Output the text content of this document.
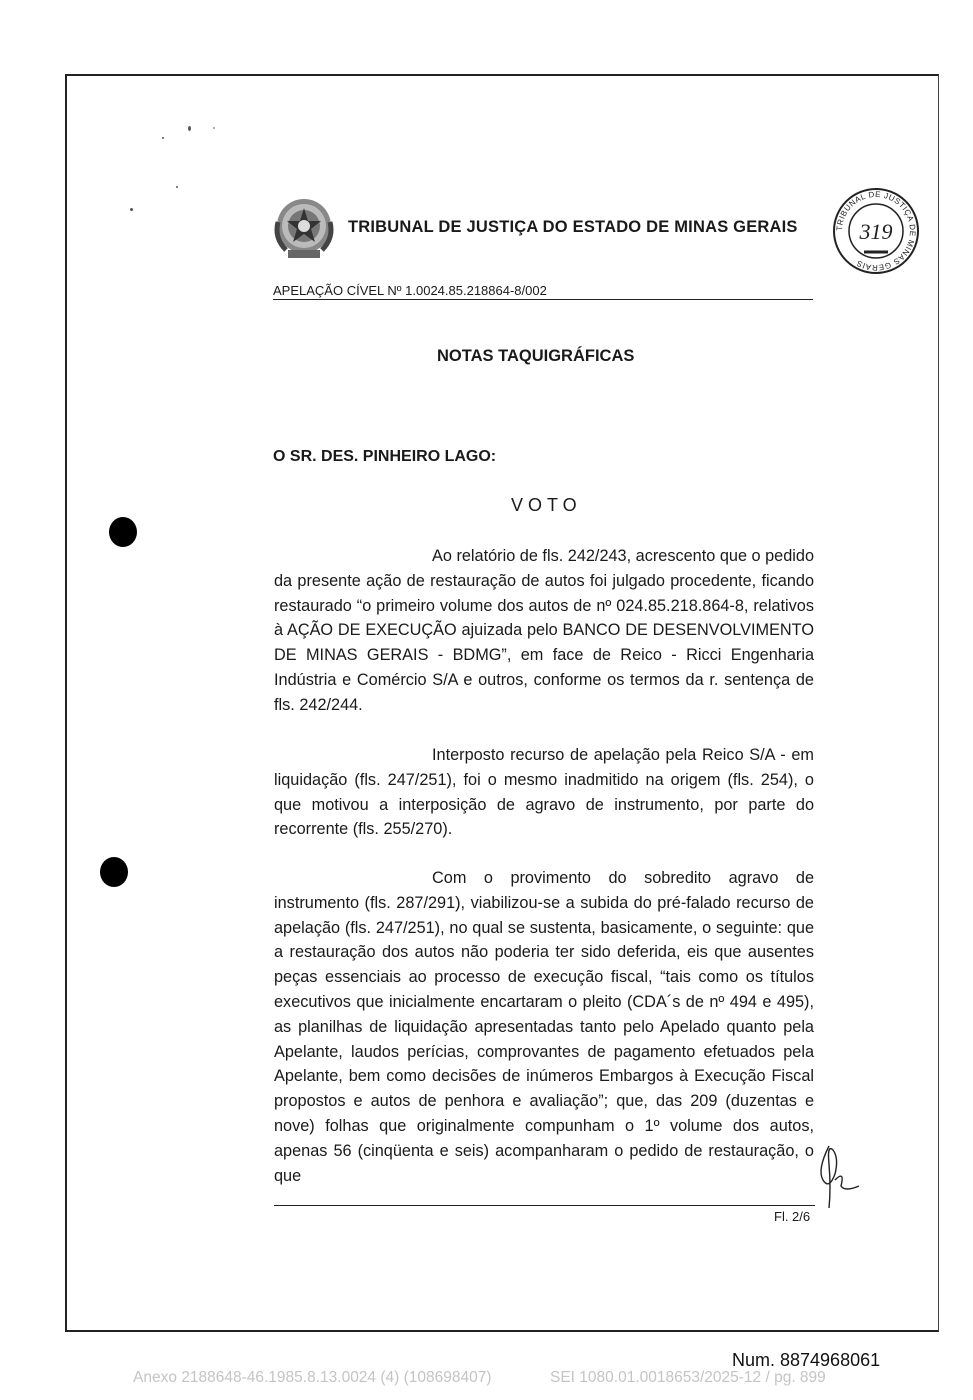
TRIBUNAL DE JUSTIÇA DO ESTADO DE MINAS GERAIS	TRIBUNAL DE JUSTIÇA DE MINAS GERAIS
319
APELAÇÃO CÍVEL Nº 1.0024.85.218864-8/002
NOTAS TAQUIGRÁFICAS
O SR. DES. PINHEIRO LAGO:
VOTO

Ao relatório de fls. 242/243, acrescento que o pedido da presente ação de restauração de autos foi julgado procedente, ficando restaurado “o primeiro volume dos autos de nº 024.85.218.864-8, relativos à AÇÃO DE EXECUÇÃO ajuizada pelo BANCO DE DESENVOLVIMENTO DE MINAS GERAIS - BDMG”, em face de Reico - Ricci Engenharia Indústria e Comércio S/A e outros, conforme os termos da r. sentença de fls. 242/244.

Interposto recurso de apelação pela Reico S/A - em liquidação (fls. 247/251), foi o mesmo inadmitido na origem (fls. 254), o que motivou a interposição de agravo de instrumento, por parte do recorrente (fls. 255/270).

Com o provimento do sobredito agravo de instrumento (fls. 287/291), viabilizou-se a subida do pré-falado recurso de apelação (fls. 247/251), no qual se sustenta, basicamente, o seguinte: que a restauração dos autos não poderia ter sido deferida, eis que ausentes peças essenciais ao processo de execução fiscal, “tais como os títulos executivos que inicialmente encartaram o pleito (CDA´s de nº 494 e 495), as planilhas de liquidação apresentadas tanto pelo Apelado quanto pela Apelante, laudos perícias, comprovantes de pagamento efetuados pela Apelante, bem como decisões de inúmeros Embargos à Execução Fiscal propostos e autos de penhora e avaliação”; que, das 209 (duzentas e nove) folhas que originalmente compunham o 1º volume dos autos, apenas 56 (cinqüenta e seis) acompanharam o pedido de restauração, o que

Fl. 2/6
Num. 8874968061
Anexo 2188648-46.1985.8.13.0024 (4) (108698407)	SEI 1080.01.0018653/2025-12 / pg. 899
